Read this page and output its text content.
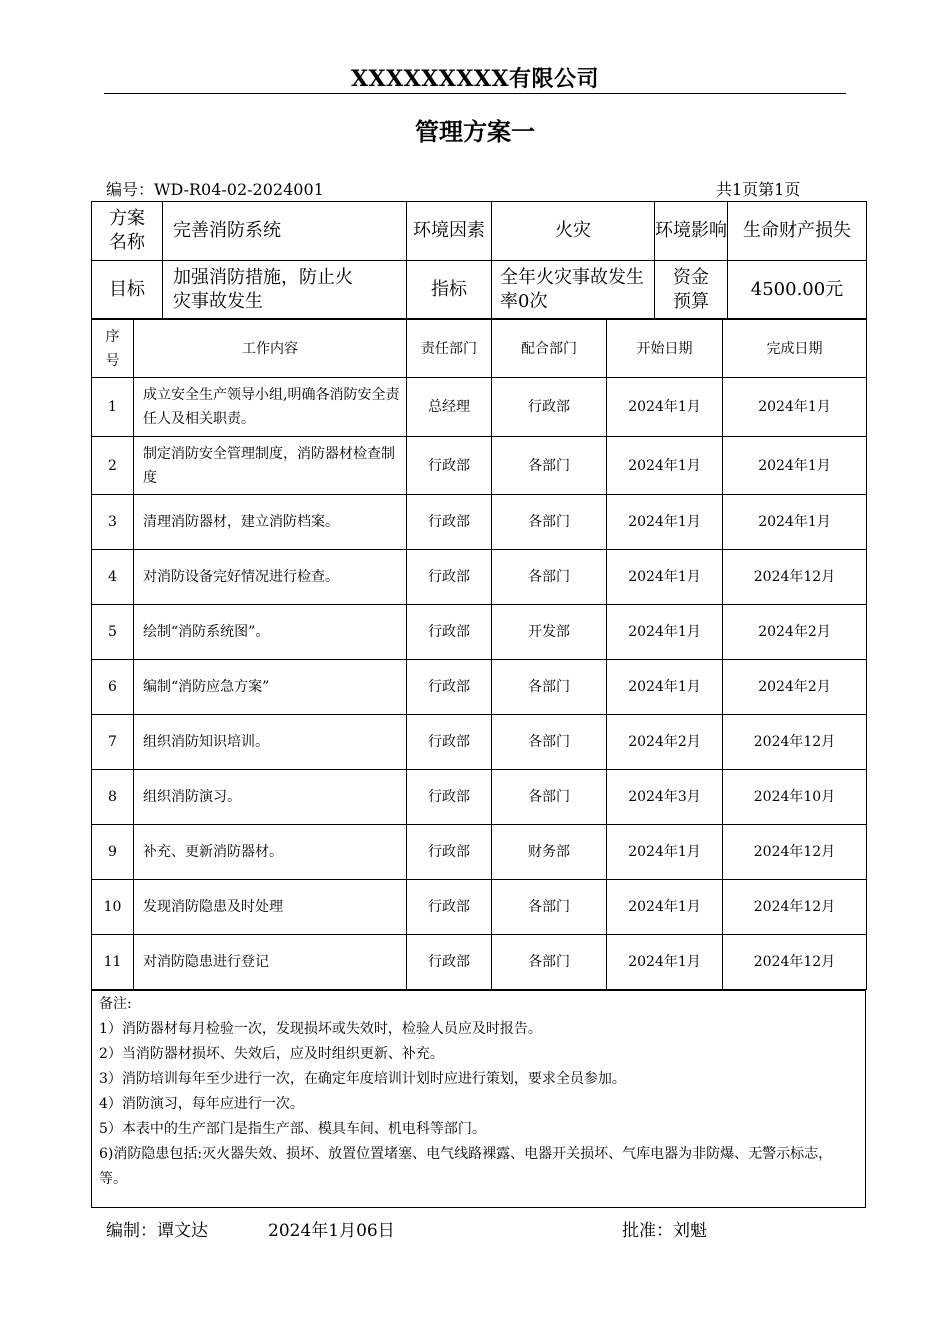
XXXXXXXXX有限公司
管理方案一
编号：WD-R04-02-2024001	共1页第1页
方案名称	完善消防系统	环境因素	火灾	环境影响	生命财产损失
目标	加强消防措施，防止火灾事故发生	指标	全年火灾事故发生率0次	资金预算	4500.00元
序号	工作内容	责任部门	配合部门	开始日期	完成日期
1	成立安全生产领导小组,明确各消防安全责任人及相关职责。	总经理	行政部	2024年1月	2024年1月
2	制定消防安全管理制度，消防器材检查制度	行政部	各部门	2024年1月	2024年1月
3	清理消防器材，建立消防档案。	行政部	各部门	2024年1月	2024年1月
4	对消防设备完好情况进行检查。	行政部	各部门	2024年1月	2024年12月
5	绘制“消防系统图”。	行政部	开发部	2024年1月	2024年2月
6	编制“消防应急方案”	行政部	各部门	2024年1月	2024年2月
7	组织消防知识培训。	行政部	各部门	2024年2月	2024年12月
8	组织消防演习。	行政部	各部门	2024年3月	2024年10月
9	补充、更新消防器材。	行政部	财务部	2024年1月	2024年12月
10	发现消防隐患及时处理	行政部	各部门	2024年1月	2024年12月
11	对消防隐患进行登记	行政部	各部门	2024年1月	2024年12月
备注:
1）消防器材每月检验一次，发现损坏或失效时，检验人员应及时报告。
2）当消防器材损坏、失效后，应及时组织更新、补充。
3）消防培训每年至少进行一次，在确定年度培训计划时应进行策划，要求全员参加。
4）消防演习，每年应进行一次。
5）本表中的生产部门是指生产部、模具车间、机电科等部门。
6)消防隐患包括:灭火器失效、损坏、放置位置堵塞、电气线路裸露、电器开关损坏、气库电器为非防爆、无警示标志，等。
编制：谭文达	2024年1月06日	批准：刘魁
